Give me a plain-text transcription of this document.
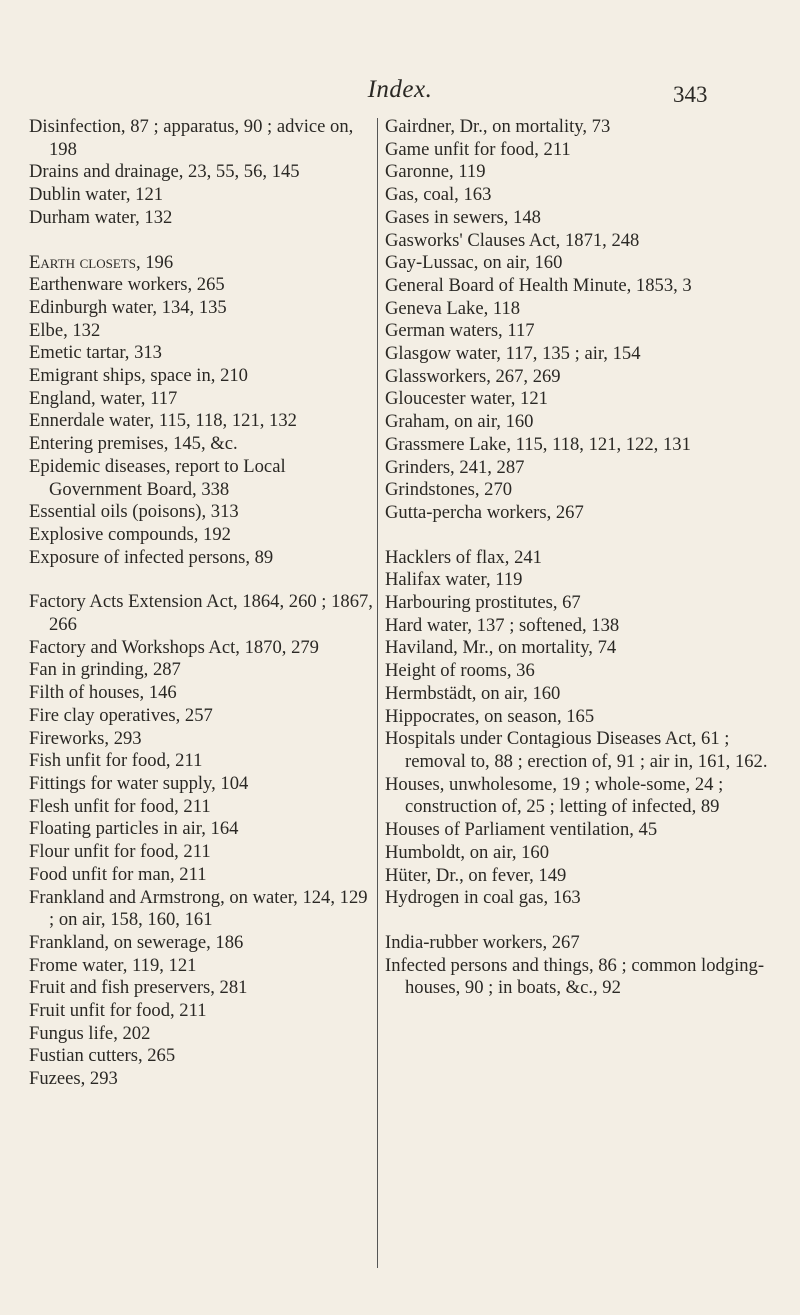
Index.	343

Disinfection, 87 ; apparatus, 90 ; advice on, 198

Drains and drainage, 23, 55, 56, 145

Dublin water, 121

Durham water, 132

Earth closets, 196

Earthenware workers, 265

Edinburgh water, 134, 135

Elbe, 132

Emetic tartar, 313

Emigrant ships, space in, 210

England, water, 117

Ennerdale water, 115, 118, 121, 132

Entering premises, 145, &c.

Epidemic diseases, report to Local Government Board, 338

Essential oils (poisons), 313

Explosive compounds, 192

Exposure of infected persons, 89

Factory Acts Extension Act, 1864, 260 ; 1867, 266

Factory and Workshops Act, 1870, 279

Fan in grinding, 287

Filth of houses, 146

Fire clay operatives, 257

Fireworks, 293

Fish unfit for food, 211

Fittings for water supply, 104

Flesh unfit for food, 211

Floating particles in air, 164

Flour unfit for food, 211

Food unfit for man, 211

Frankland and Armstrong, on water, 124, 129 ; on air, 158, 160, 161

Frankland, on sewerage, 186

Frome water, 119, 121

Fruit and fish preservers, 281

Fruit unfit for food, 211

Fungus life, 202

Fustian cutters, 265

Fuzees, 293

Gairdner, Dr., on mortality, 73

Game unfit for food, 211

Garonne, 119

Gas, coal, 163

Gases in sewers, 148

Gasworks' Clauses Act, 1871, 248

Gay-Lussac, on air, 160

General Board of Health Minute, 1853, 3

Geneva Lake, 118

German waters, 117

Glasgow water, 117, 135 ; air, 154

Glassworkers, 267, 269

Gloucester water, 121

Graham, on air, 160

Grassmere Lake, 115, 118, 121, 122, 131

Grinders, 241, 287

Grindstones, 270

Gutta-percha workers, 267

Hacklers of flax, 241

Halifax water, 119

Harbouring prostitutes, 67

Hard water, 137 ; softened, 138

Haviland, Mr., on mortality, 74

Height of rooms, 36

Hermbstädt, on air, 160

Hippocrates, on season, 165

Hospitals under Contagious Diseases Act, 61 ; removal to, 88 ; erection of, 91 ; air in, 161, 162.

Houses, unwholesome, 19 ; whole-some, 24 ; construction of, 25 ; letting of infected, 89

Houses of Parliament ventilation, 45

Humboldt, on air, 160

Hüter, Dr., on fever, 149

Hydrogen in coal gas, 163

India-rubber workers, 267

Infected persons and things, 86 ; common lodging-houses, 90 ; in boats, &c., 92
